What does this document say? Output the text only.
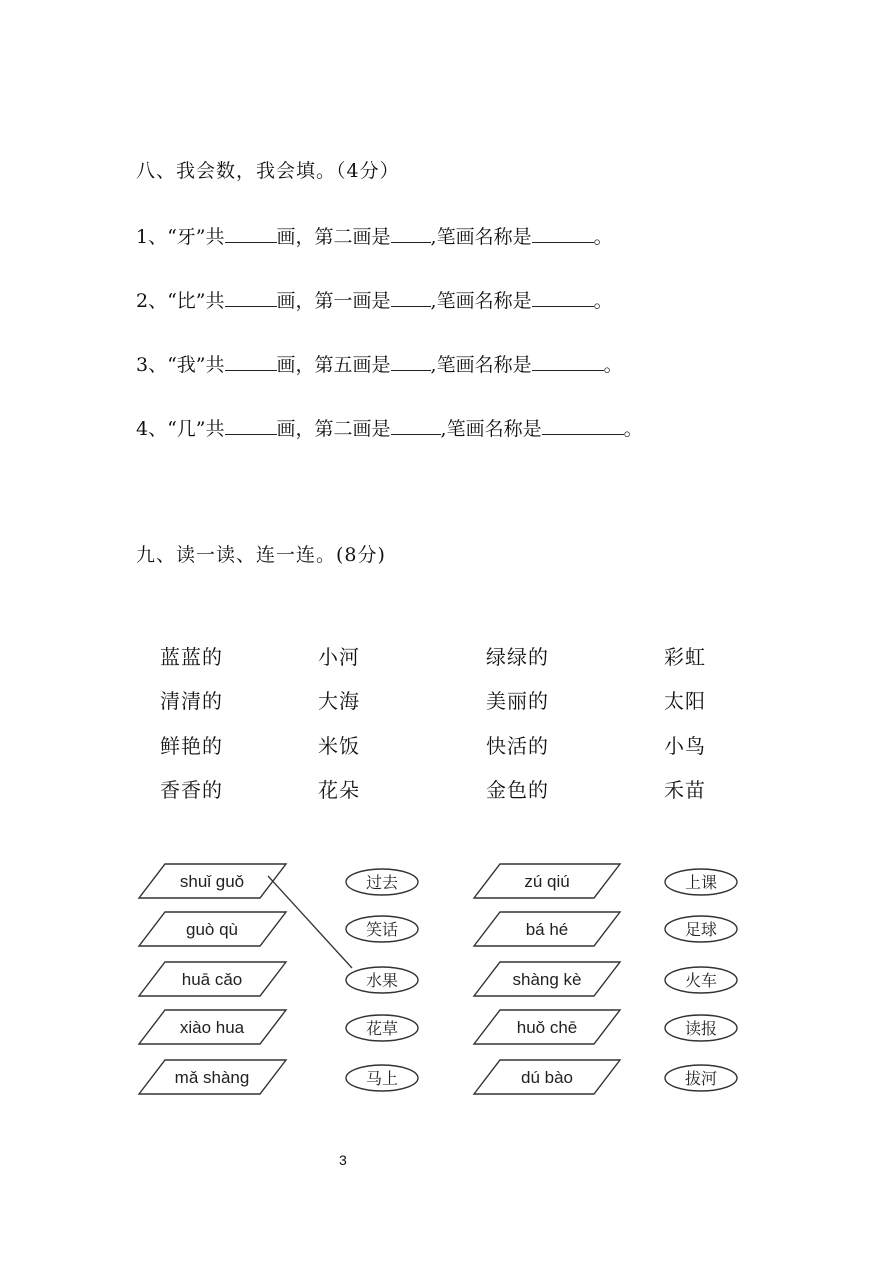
八、我会数，我会填。（4分）
1、“牙”共	画，第二画是 ,笔画名称是	。
2、“比”共	画，第一画是 ,笔画名称是	。
3、“我”共	画，第五画是 ,笔画名称是	。
4、“几”共	画，第二画是	,笔画名称是	。
九、读一读、连一连。(8分)
蓝蓝的	小河	绿绿的	彩虹
清清的	大海	美丽的	太阳
鲜艳的	米饭	快活的	小鸟
香香的	花朵	金色的	禾苗
shuǐ guǒ
guò qù
huā cǎo
xiào hua
mǎ shàng
过去
笑话
水果
花草
马上
zú qiú
bá hé
shàng kè
huǒ chē
dú bào
上课
足球
火车
读报
拔河
3
